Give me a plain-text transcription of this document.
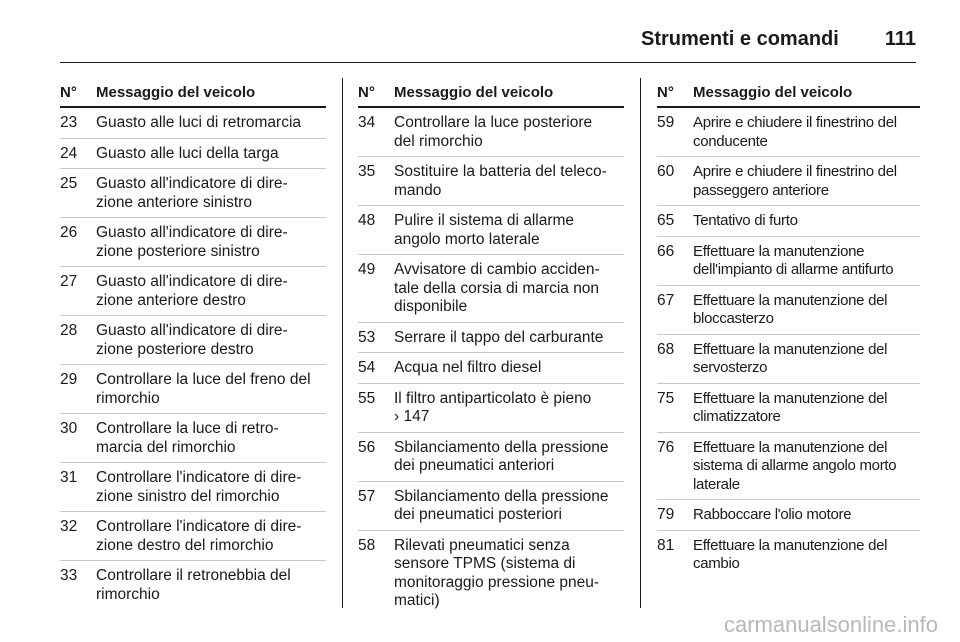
Strumenti e comandi 111
N°	Messaggio del veicolo
23	Guasto alle luci di retromarcia
24	Guasto alle luci della targa
25	Guasto all'indicatore di dire-
zione anteriore sinistro
26	Guasto all'indicatore di dire-
zione posteriore sinistro
27	Guasto all'indicatore di dire-
zione anteriore destro
28	Guasto all'indicatore di dire-
zione posteriore destro
29	Controllare la luce del freno del
rimorchio
30	Controllare la luce di retro-
marcia del rimorchio
31	Controllare l'indicatore di dire-
zione sinistro del rimorchio
32	Controllare l'indicatore di dire-
zione destro del rimorchio
33	Controllare il retronebbia del
rimorchio
N°	Messaggio del veicolo
34	Controllare la luce posteriore
del rimorchio
35	Sostituire la batteria del teleco-
mando
48	Pulire il sistema di allarme
angolo morto laterale
49	Avvisatore di cambio acciden-
tale della corsia di marcia non
disponibile
53	Serrare il tappo del carburante
54	Acqua nel filtro diesel
55	Il filtro antiparticolato è pieno
› 147
56	Sbilanciamento della pressione
dei pneumatici anteriori
57	Sbilanciamento della pressione
dei pneumatici posteriori
58	Rilevati pneumatici senza
sensore TPMS (sistema di
monitoraggio pressione pneu-
matici)
N°	Messaggio del veicolo
59	Aprire e chiudere il finestrino del
conducente
60	Aprire e chiudere il finestrino del
passeggero anteriore
65	Tentativo di furto
66	Effettuare la manutenzione
dell'impianto di allarme antifurto
67	Effettuare la manutenzione del
bloccasterzo
68	Effettuare la manutenzione del
servosterzo
75	Effettuare la manutenzione del
climatizzatore
76	Effettuare la manutenzione del
sistema di allarme angolo morto
laterale
79	Rabboccare l'olio motore
81	Effettuare la manutenzione del
cambio
carmanualsonline.info
